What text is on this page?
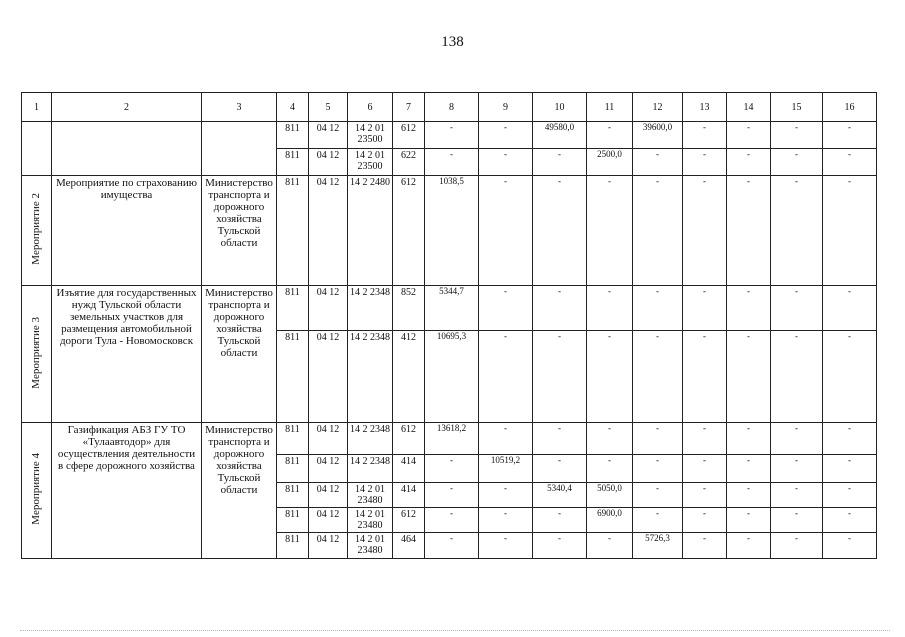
138
1	2	3	4	5	6	7	8	9	10	11	12	13	14	15	16
			811	04 12	14 2 01 23500	612	-	-	49580,0	-	39600,0	-	-	-	-
			811	04 12	14 2 01 23500	622	-	-	-	2500,0	-	-	-	-	-
Мероприятие 2	Мероприятие по страхованию имущества	Министерство транспорта и дорожного хозяйства Тульской области	811	04 12	14 2 2480	612	1038,5	-	-	-	-	-	-	-	-
Мероприятие 3	Изъятие для государственных нужд Тульской области земельных участков для размещения автомобильной дороги Тула - Новомосковск	Министерство транспорта и дорожного хозяйства Тульской области	811	04 12	14 2 2348	852	5344,7	-	-	-	-	-	-	-	-
			811	04 12	14 2 2348	412	10695,3	-	-	-	-	-	-	-	-
Мероприятие 4	Газификация АБЗ ГУ ТО «Тулаавтодор» для осуществления деятельности в сфере дорожного хозяйства	Министерство транспорта и дорожного хозяйства Тульской области	811	04 12	14 2 2348	612	13618,2	-	-	-	-	-	-	-	-
			811	04 12	14 2 2348	414	-	10519,2	-	-	-	-	-	-	-
			811	04 12	14 2 01 23480	414	-	-	5340,4	5050,0	-	-	-	-	-
			811	04 12	14 2 01 23480	612	-	-	-	6900,0	-	-	-	-	-
			811	04 12	14 2 01 23480	464	-	-	-	-	5726,3	-	-	-	-
